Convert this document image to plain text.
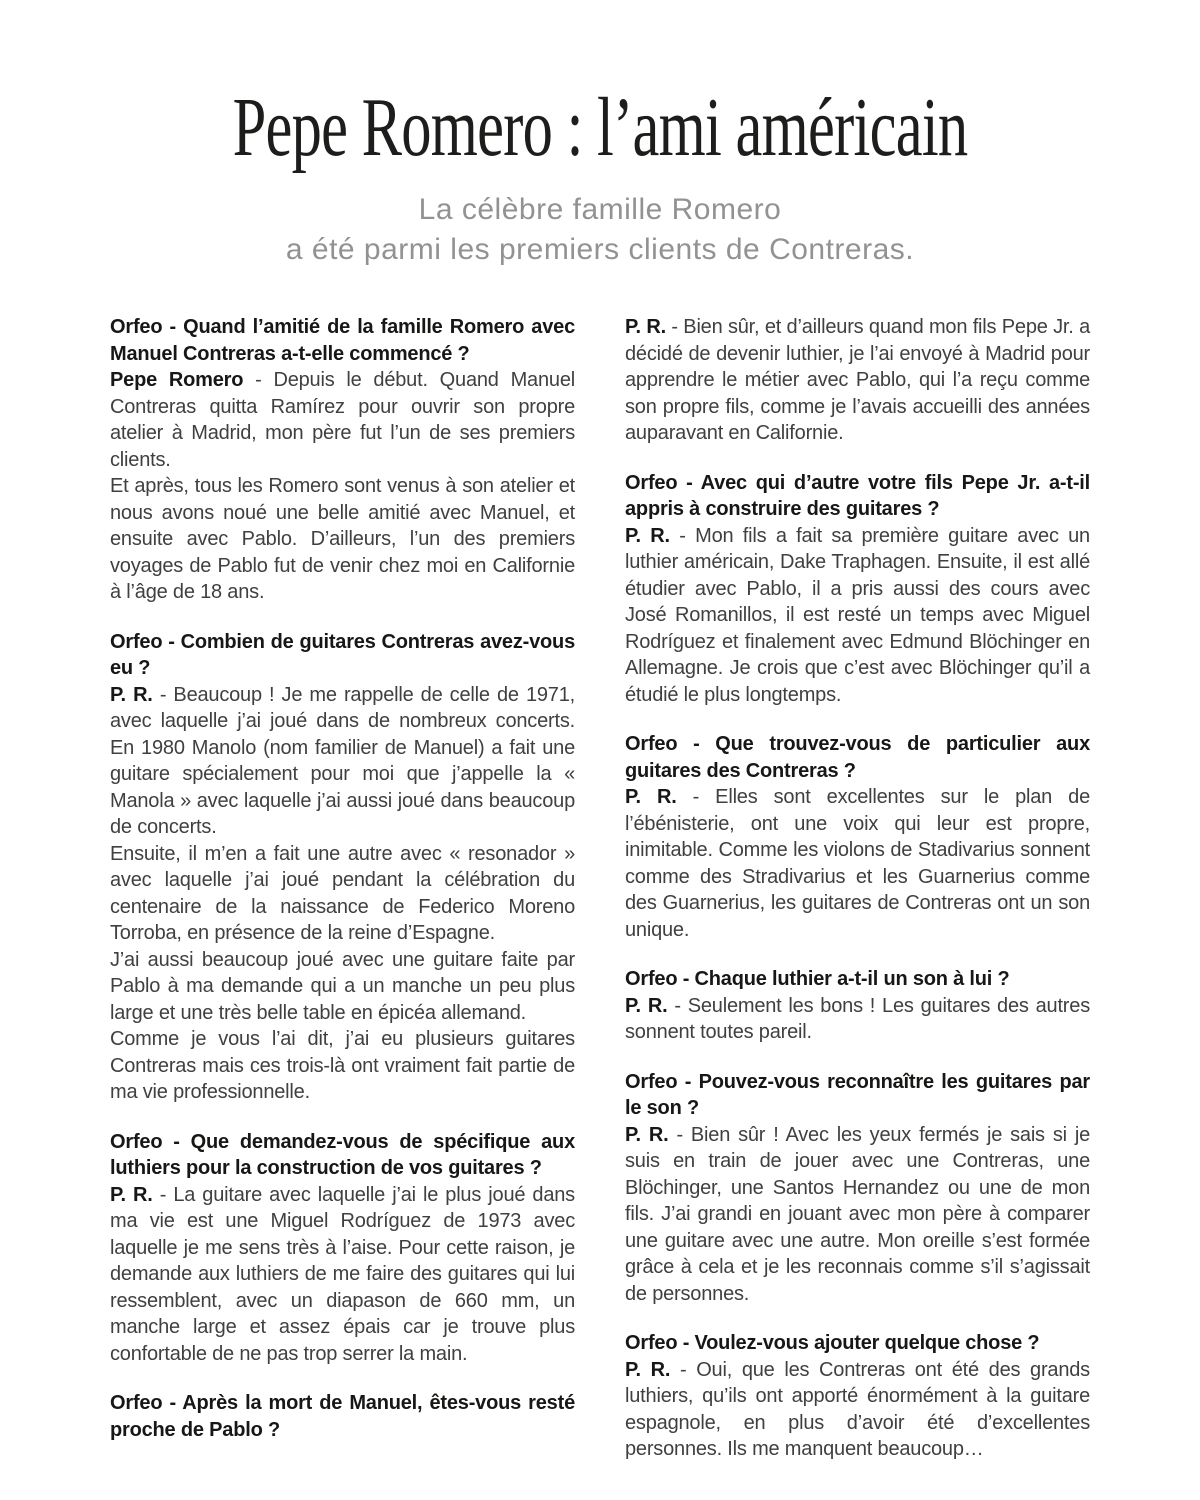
Pepe Romero : l’ami américain
La célèbre famille Romero
a été parmi les premiers clients de Contreras.

Orfeo - Quand l’amitié de la famille Romero avec Manuel Contreras a-t-elle commencé ?

Pepe Romero - Depuis le début. Quand Manuel Contreras quitta Ramírez pour ouvrir son propre atelier à Madrid, mon père fut l’un de ses premiers clients.

Et après, tous les Romero sont venus à son atelier et nous avons noué une belle amitié avec Manuel, et ensuite avec Pablo. D’ailleurs, l’un des premiers voyages de Pablo fut de venir chez moi en Californie à l’âge de 18 ans.

Orfeo - Combien de guitares Contreras avez-vous eu ?

P. R. - Beaucoup ! Je me rappelle de celle de 1971, avec laquelle j’ai joué dans de nombreux concerts. En 1980 Manolo (nom familier de Manuel) a fait une guitare spécialement pour moi que j’appelle la « Manola » avec laquelle j’ai aussi joué dans beaucoup de concerts.

Ensuite, il m’en a fait une autre avec « resonador » avec laquelle j’ai joué pendant la célébration du centenaire de la naissance de Federico Moreno Torroba, en présence de la reine d’Espagne.

J’ai aussi beaucoup joué avec une guitare faite par Pablo à ma demande qui a un manche un peu plus large et une très belle table en épicéa allemand.

Comme je vous l’ai dit, j’ai eu plusieurs guitares Contreras mais ces trois-là ont vraiment fait partie de ma vie professionnelle.

Orfeo - Que demandez-vous de spécifique aux luthiers pour la construction de vos guitares ?

P. R. - La guitare avec laquelle j’ai le plus joué dans ma vie est une Miguel Rodríguez de 1973 avec laquelle je me sens très à l’aise. Pour cette raison, je demande aux luthiers de me faire des guitares qui lui ressemblent, avec un diapason de 660 mm, un manche large et assez épais car je trouve plus confortable de ne pas trop serrer la main.

Orfeo - Après la mort de Manuel, êtes-vous resté proche de Pablo ?

P. R. - Bien sûr, et d’ailleurs quand mon fils Pepe Jr. a décidé de devenir luthier, je l’ai envoyé à Madrid pour apprendre le métier avec Pablo, qui l’a reçu comme son propre fils, comme je l’avais accueilli des années auparavant en Californie.

Orfeo - Avec qui d’autre votre fils Pepe Jr. a-t-il appris à construire des guitares ?

P. R. - Mon fils a fait sa première guitare avec un luthier américain, Dake Traphagen. Ensuite, il est allé étudier avec Pablo, il a pris aussi des cours avec José Romanillos, il est resté un temps avec Miguel Rodríguez et finalement avec Edmund Blöchinger en Allemagne. Je crois que c’est avec Blöchinger qu’il a étudié le plus longtemps.

Orfeo - Que trouvez-vous de particulier aux guitares des Contreras ?

P. R. - Elles sont excellentes sur le plan de l’ébénisterie, ont une voix qui leur est propre, inimitable. Comme les violons de Stadivarius sonnent comme des Stradivarius et les Guarnerius comme des Guarnerius, les guitares de Contreras ont un son unique.

Orfeo - Chaque luthier a-t-il un son à lui ?

P. R. - Seulement les bons ! Les guitares des autres sonnent toutes pareil.

Orfeo - Pouvez-vous reconnaître les guitares par le son ?

P. R. - Bien sûr ! Avec les yeux fermés je sais si je suis en train de jouer avec une Contreras, une Blöchinger, une Santos Hernandez ou une de mon fils. J’ai grandi en jouant avec mon père à comparer une guitare avec une autre. Mon oreille s’est formée grâce à cela et je les reconnais comme s’il s’agissait de personnes.

Orfeo - Voulez-vous ajouter quelque chose ?

P. R. - Oui, que les Contreras ont été des grands luthiers, qu’ils ont apporté énormément à la guitare espagnole, en plus d’avoir été d’excellentes personnes. Ils me manquent beaucoup…
